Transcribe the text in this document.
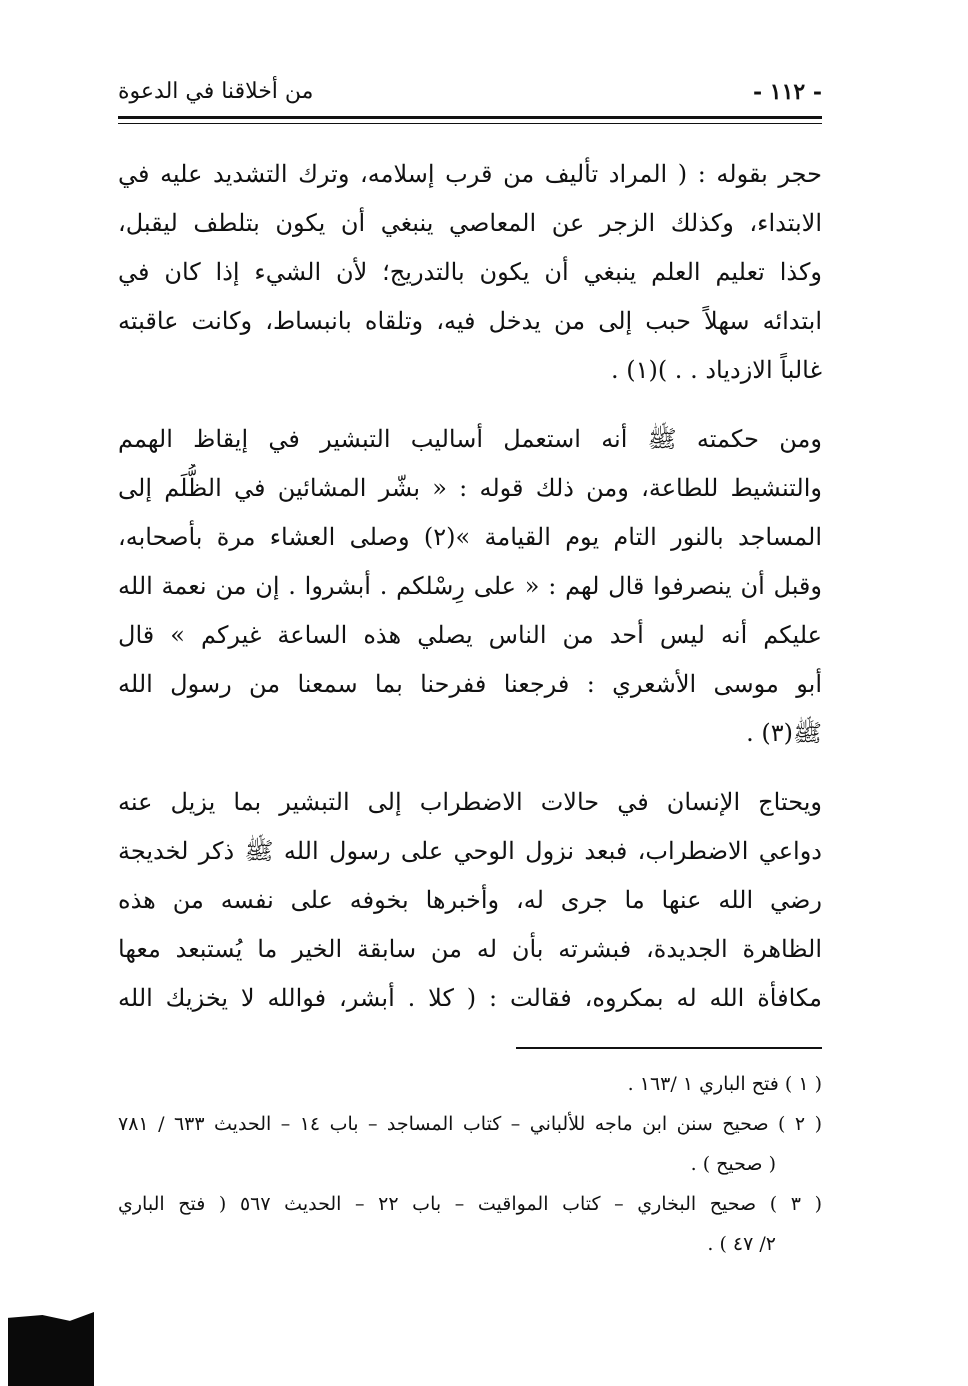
- ١١٢ -
من أخلاقنا في الدعوة
حجر بقوله : ( المراد تأليف من قرب إسلامه، وترك التشديد عليه في
الابتداء، وكذلك الزجر عن المعاصي ينبغي أن يكون بتلطف ليقبل،
وكذا تعليم العلم ينبغي أن يكون بالتدريج؛ لأن الشيء إذا كان في
ابتدائه سهلاً حبب إلى من يدخل فيه، وتلقاه بانبساط، وكانت عاقبته
غالباً الازدياد . . )(١) .
ومن حكمته ﷺ أنه استعمل أساليب التبشير في إيقاظ الهمم
والتنشيط للطاعة، ومن ذلك قوله : « بشّر المشائين في الظُّلَم إلى
المساجد بالنور التام يوم القيامة »(٢) وصلى العشاء مرة بأصحابه،
وقبل أن ينصرفوا قال لهم : « على رِسْلكم . أبشروا . إن من نعمة الله
عليكم أنه ليس أحد من الناس يصلي هذه الساعة غيركم » قال
أبو موسى الأشعري : فرجعنا ففرحنا بما سمعنا من رسول الله
ﷺ(٣) .
ويحتاج الإنسان في حالات الاضطراب إلى التبشير بما يزيل عنه
دواعي الاضطراب، فبعد نزول الوحي على رسول الله ﷺ ذكر لخديجة
رضي الله عنها ما جرى له، وأخبرها بخوفه على نفسه من هذه
الظاهرة الجديدة، فبشرته بأن له من سابقة الخير ما يُستبعد معها
مكافأة الله له بمكروه، فقالت : ( كلا . أبشر، فوالله لا يخزيك الله
( ١ ) فتح الباري ١ /١٦٣ .
( ٢ ) صحيح سنن ابن ماجه للألباني – كتاب المساجد – باب ١٤ – الحديث ٦٣٣ / ٧٨١
( صحيح ) .
( ٣ ) صحيح البخاري – كتاب المواقيت – باب ٢٢ – الحديث ٥٦٧ ( فتح الباري
٢/ ٤٧ ) .
